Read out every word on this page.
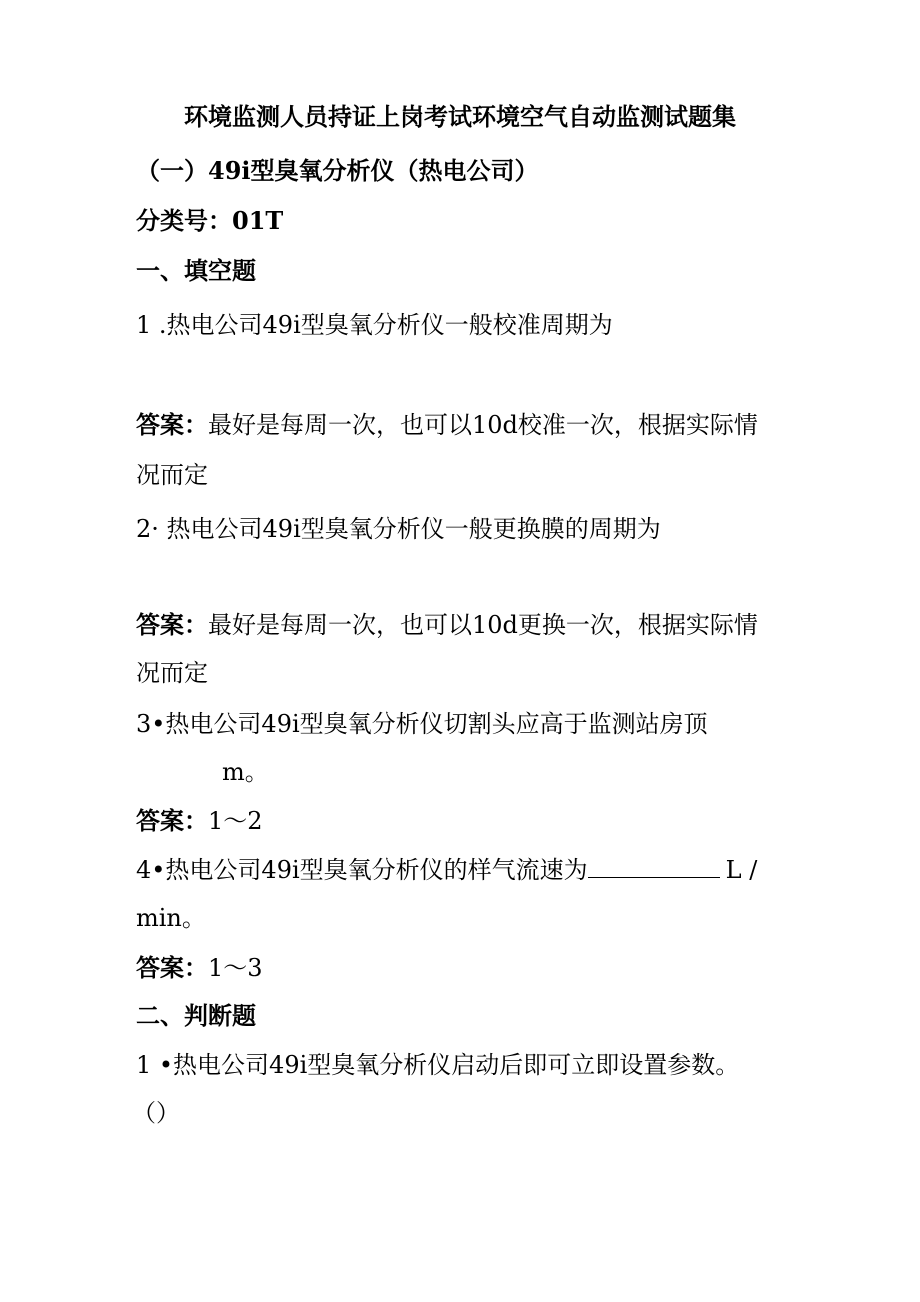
环境监测人员持证上岗考试环境空气自动监测试题集
（一）49i型臭氧分析仪（热电公司）
分类号：01T
一、填空题
1 .热电公司49i型臭氧分析仪一般校准周期为
答案：最好是每周一次，也可以10d校准一次，根据实际情
况而定
2· 热电公司49i型臭氧分析仪一般更换膜的周期为
答案：最好是每周一次，也可以10d更换一次，根据实际情
况而定
3•热电公司49i型臭氧分析仪切割头应高于监测站房顶
m。
答案：1〜2
4•热电公司49i型臭氧分析仪的样气流速为	L /
min。
答案：1〜3
二、判断题
1 •热电公司49i型臭氧分析仪启动后即可立即设置参数。
（）
